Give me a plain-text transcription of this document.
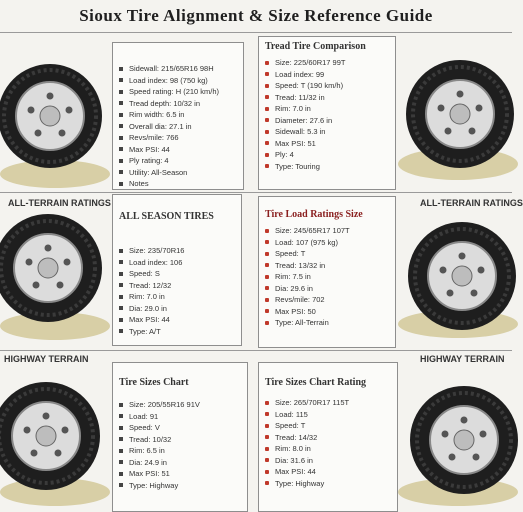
Sioux Tire Alignment & Size Reference Guide
Sidewall: 215/65R16 98H
Load index: 98 (750 kg)
Speed rating: H (210 km/h)
Tread depth: 10/32 in
Rim width: 6.5 in
Overall dia: 27.1 in
Revs/mile: 766
Max PSI: 44
Ply rating: 4
Utility: All-Season
Notes
Tread Tire Comparison
Size: 225/60R17 99T
Load index: 99
Speed: T (190 km/h)
Tread: 11/32 in
Rim: 7.0 in
Diameter: 27.6 in
Sidewall: 5.3 in
Max PSI: 51
Ply: 4
Type: Touring
ALL-TERRAIN RATINGS	ALL-TERRAIN RATINGS
ALL SEASON TIRES
Size: 235/70R16
Load index: 106
Speed: S
Tread: 12/32
Rim: 7.0 in
Dia: 29.0 in
Max PSI: 44
Type: A/T
Tire Load Ratings Size
Size: 245/65R17 107T
Load: 107 (975 kg)
Speed: T
Tread: 13/32 in
Rim: 7.5 in
Dia: 29.6 in
Revs/mile: 702
Max PSI: 50
Type: All-Terrain
HIGHWAY TERRAIN	HIGHWAY TERRAIN
Tire Sizes Chart
Size: 205/55R16 91V
Load: 91
Speed: V
Tread: 10/32
Rim: 6.5 in
Dia: 24.9 in
Max PSI: 51
Type: Highway
Tire Sizes Chart Rating
Size: 265/70R17 115T
Load: 115
Speed: T
Tread: 14/32
Rim: 8.0 in
Dia: 31.6 in
Max PSI: 44
Type: Highway
